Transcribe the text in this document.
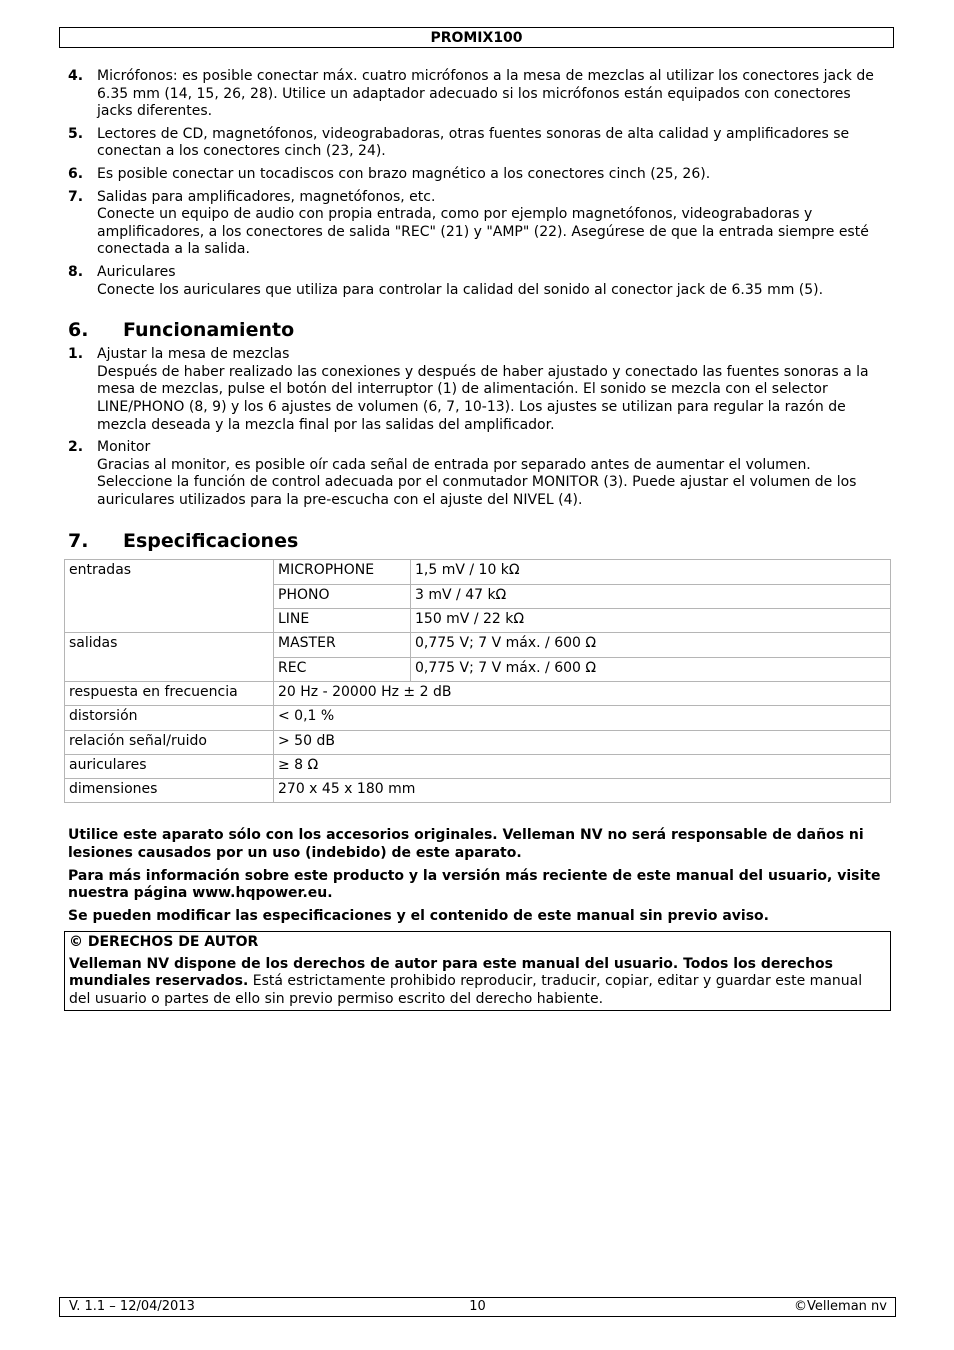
PROMIX100
4. Micrófonos: es posible conectar máx. cuatro micrófonos a la mesa de mezclas al utilizar los conectores jack de 6.35 mm (14, 15, 26, 28). Utilice un adaptador adecuado si los micrófonos están equipados con conectores jacks diferentes.
5. Lectores de CD, magnetófonos, videograbadoras, otras fuentes sonoras de alta calidad y amplificadores se conectan a los conectores cinch (23, 24).
6. Es posible conectar un tocadiscos con brazo magnético a los conectores cinch (25, 26).
7. Salidas para amplificadores, magnetófonos, etc.
Conecte un equipo de audio con propia entrada, como por ejemplo magnetófonos, videograbadoras y amplificadores, a los conectores de salida "REC" (21) y "AMP" (22). Asegúrese de que la entrada siempre esté conectada a la salida.
8. Auriculares
Conecte los auriculares que utiliza para controlar la calidad del sonido al conector jack de 6.35 mm (5).
6. Funcionamiento
1. Ajustar la mesa de mezclas
Después de haber realizado las conexiones y después de haber ajustado y conectado las fuentes sonoras a la mesa de mezclas, pulse el botón del interruptor (1) de alimentación. El sonido se mezcla con el selector LINE/PHONO (8, 9) y los 6 ajustes de volumen (6, 7, 10-13). Los ajustes se utilizan para regular la razón de mezcla deseada y la mezcla final por las salidas del amplificador.
2. Monitor
Gracias al monitor, es posible oír cada señal de entrada por separado antes de aumentar el volumen. Seleccione la función de control adecuada por el conmutador MONITOR (3). Puede ajustar el volumen de los auriculares utilizados para la pre-escucha con el ajuste del NIVEL (4).
7. Especificaciones
entradas	MICROPHONE	1,5 mV / 10 kΩ
	PHONO	3 mV / 47 kΩ
	LINE	150 mV / 22 kΩ
salidas	MASTER	0,775 V; 7 V máx. / 600 Ω
	REC	0,775 V; 7 V máx. / 600 Ω
respuesta en frecuencia	20 Hz - 20000 Hz ± 2 dB	
distorsión	< 0,1 %	
relación señal/ruido	> 50 dB	
auriculares	≥ 8 Ω	
dimensiones	270 x 45 x 180 mm	

Utilice este aparato sólo con los accesorios originales. Velleman NV no será responsable de daños ni lesiones causados por un uso (indebido) de este aparato.

Para más información sobre este producto y la versión más reciente de este manual del usuario, visite nuestra página www.hqpower.eu.

Se pueden modificar las especificaciones y el contenido de este manual sin previo aviso.

© DERECHOS DE AUTOR
Velleman NV dispone de los derechos de autor para este manual del usuario. Todos los derechos mundiales reservados. Está estrictamente prohibido reproducir, traducir, copiar, editar y guardar este manual del usuario o partes de ello sin previo permiso escrito del derecho habiente.
V. 1.1 – 12/04/2013	10	©Velleman nv
